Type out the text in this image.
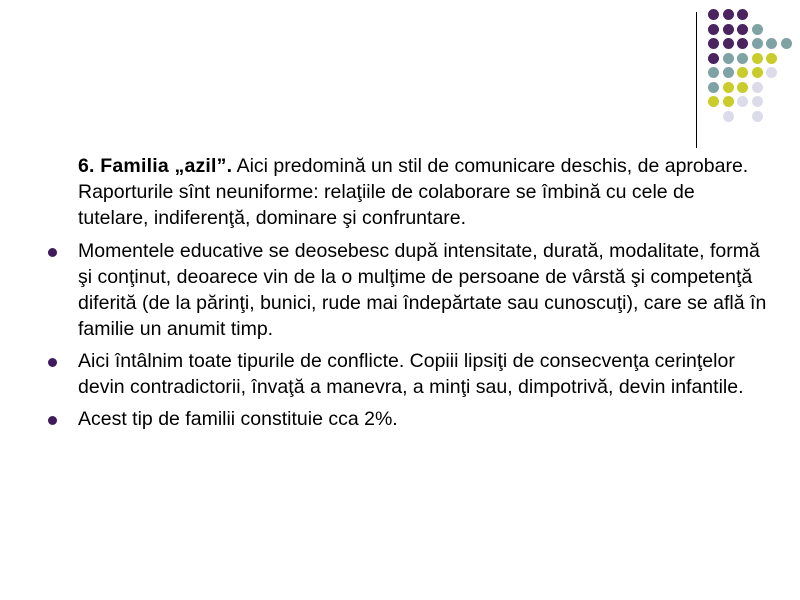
6. Familia „azil”. Aici predomină un stil de comunicare deschis, de aprobare. Raporturile sînt neuniforme: relaţiile de colaborare se îmbină cu cele de tutelare, indiferenţă, dominare şi confruntare.

Momentele educative se deosebesc după intensitate, durată, modalitate, formă şi conţinut, deoarece vin de la o mulţime de persoane de vârstă şi competenţă diferită (de la părinţi, bunici, rude mai îndepărtate sau cunoscuţi), care se află în familie un anumit timp.

Aici întâlnim toate tipurile de conflicte. Copiii lipsiţi de consecvenţa cerinţelor devin contradictorii, învaţă a manevra, a minţi sau, dimpotrivă, devin infantile.

Acest tip de familii constituie cca 2%.
